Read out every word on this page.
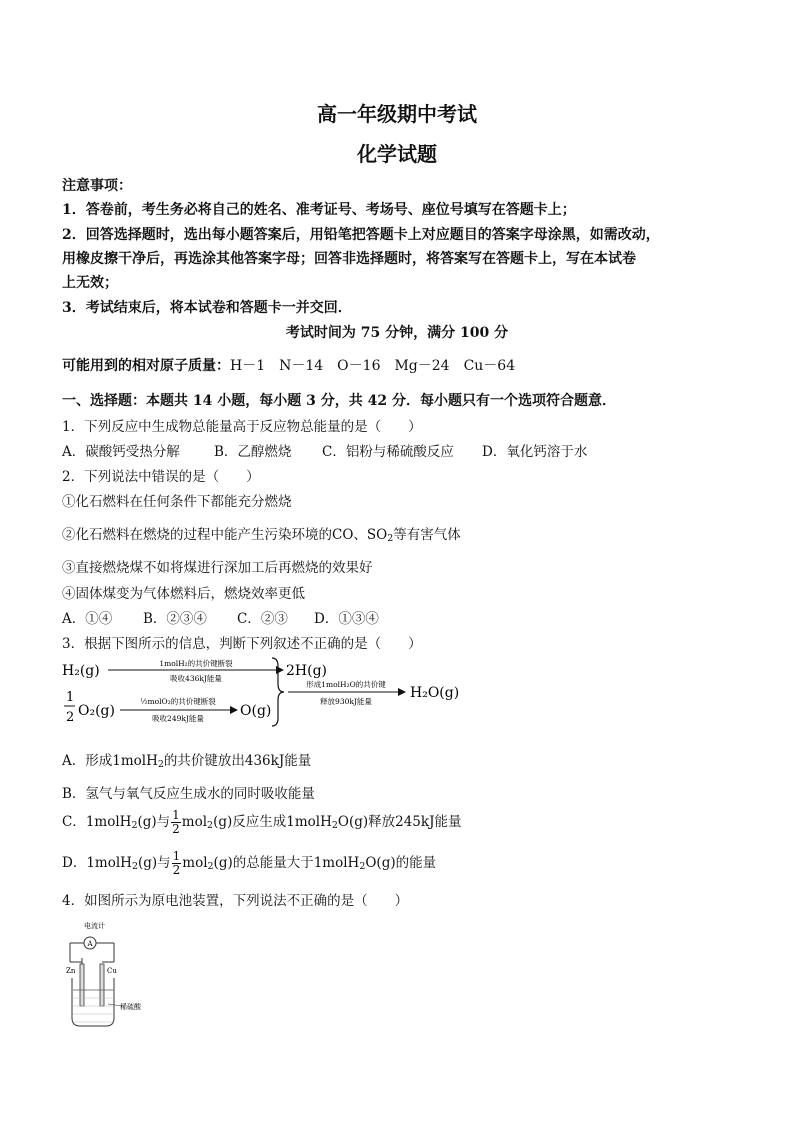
高一年级期中考试
化学试题
注意事项：
1．答卷前，考生务必将自己的姓名、准考证号、考场号、座位号填写在答题卡上；
2．回答选择题时，选出每小题答案后，用铅笔把答题卡上对应题目的答案字母涂黑，如需改动，
用橡皮擦干净后，再选涂其他答案字母；回答非选择题时，将答案写在答题卡上，写在本试卷
上无效；
3．考试结束后，将本试卷和答题卡一并交回．
考试时间为 75 分钟，满分 100 分
可能用到的相对原子质量：H－1　N－14　O－16　Mg－24　Cu－64
一、选择题：本题共 14 小题，每小题 3 分，共 42 分．每小题只有一个选项符合题意．
1．下列反应中生成物总能量高于反应物总能量的是（　　）
A．碳酸钙受热分解	B．乙醇燃烧 C．铝粉与稀硫酸反应 D．氧化钙溶于水
2．下列说法中错误的是（　　）
①化石燃料在任何条件下都能充分燃烧
②化石燃料在燃烧的过程中能产生污染环境的CO、$SO_2$等有害气体
③直接燃烧煤不如将煤进行深加工后再燃烧的效果好
④固体煤变为气体燃料后，燃烧效率更低
A．①④ B．②③④ C．②③ D．①③④
3．根据下图所示的信息，判断下列叙述不正确的是（　　）
H₂(g)	1molH₂的共价键断裂
吸收436kJ能量	2H(g)
1
2 O₂(g)
½molO₂的共价键断裂
吸收249kJ能量	O(g)
形成1molH₂O的共价键
释放930kJ能量
H₂O(g)
A．形成1molH$_2$的共价键放出436kJ能量
B．氢气与氧气反应生成水的同时吸收能量
C．1molH$_2$(g)与 $\frac{1}{2} mol_2(g)$反应生成1molH$_2$O(g)释放245kJ能量
D．1molH$_2$(g)与 $\frac{1}{2} mol_2(g)$的总能量大于1molH$_2$O(g)的能量
4．如图所示为原电池装置，下列说法不正确的是（　　）
电流计
A
Zn	Cu
稀硫酸
